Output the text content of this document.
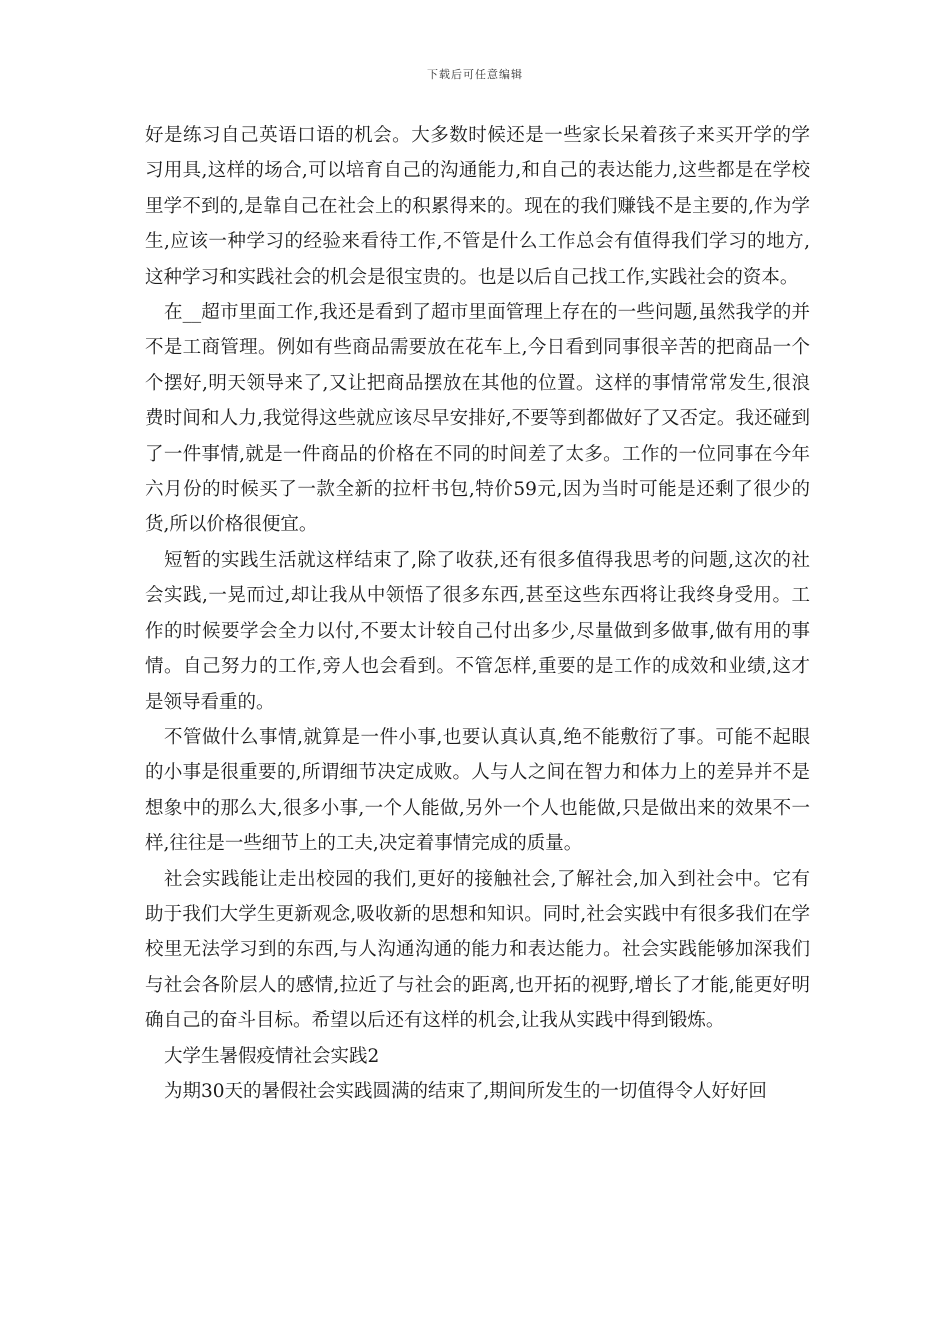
下载后可任意编辑

好是练习自己英语口语的机会。大多数时候还是一些家长呆着孩子来买开学的学习用具,这样的场合,可以培育自己的沟通能力,和自己的表达能力,这些都是在学校里学不到的,是靠自己在社会上的积累得来的。现在的我们赚钱不是主要的,作为学生,应该一种学习的经验来看待工作,不管是什么工作总会有值得我们学习的地方,这种学习和实践社会的机会是很宝贵的。也是以后自己找工作,实践社会的资本。

在__超市里面工作,我还是看到了超市里面管理上存在的一些问题,虽然我学的并不是工商管理。例如有些商品需要放在花车上,今日看到同事很辛苦的把商品一个个摆好,明天领导来了,又让把商品摆放在其他的位置。这样的事情常常发生,很浪费时间和人力,我觉得这些就应该尽早安排好,不要等到都做好了又否定。我还碰到了一件事情,就是一件商品的价格在不同的时间差了太多。工作的一位同事在今年六月份的时候买了一款全新的拉杆书包,特价59元,因为当时可能是还剩了很少的货,所以价格很便宜。

短暂的实践生活就这样结束了,除了收获,还有很多值得我思考的问题,这次的社会实践,一晃而过,却让我从中领悟了很多东西,甚至这些东西将让我终身受用。工作的时候要学会全力以付,不要太计较自己付出多少,尽量做到多做事,做有用的事情。自己努力的工作,旁人也会看到。不管怎样,重要的是工作的成效和业绩,这才是领导看重的。

不管做什么事情,就算是一件小事,也要认真认真,绝不能敷衍了事。可能不起眼的小事是很重要的,所谓细节决定成败。人与人之间在智力和体力上的差异并不是想象中的那么大,很多小事,一个人能做,另外一个人也能做,只是做出来的效果不一样,往往是一些细节上的工夫,决定着事情完成的质量。

社会实践能让走出校园的我们,更好的接触社会,了解社会,加入到社会中。它有助于我们大学生更新观念,吸收新的思想和知识。同时,社会实践中有很多我们在学校里无法学习到的东西,与人沟通沟通的能力和表达能力。社会实践能够加深我们与社会各阶层人的感情,拉近了与社会的距离,也开拓的视野,增长了才能,能更好明确自己的奋斗目标。希望以后还有这样的机会,让我从实践中得到锻炼。

大学生暑假疫情社会实践2

为期30天的暑假社会实践圆满的结束了,期间所发生的一切值得令人好好回
